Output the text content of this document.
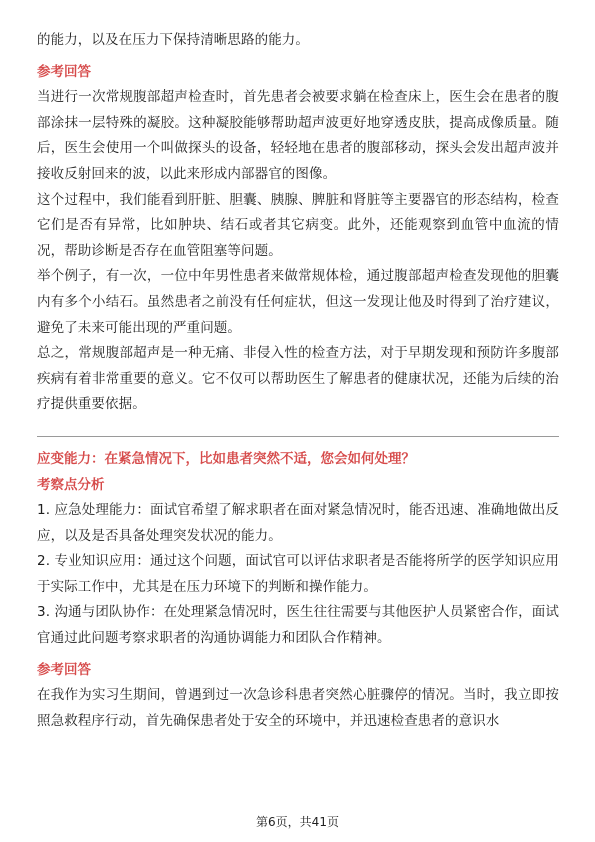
的能力，以及在压力下保持清晰思路的能力。

参考回答

当进行一次常规腹部超声检查时，首先患者会被要求躺在检查床上，医生会在患者的腹部涂抹一层特殊的凝胶。这种凝胶能够帮助超声波更好地穿透皮肤，提高成像质量。随后，医生会使用一个叫做探头的设备，轻轻地在患者的腹部移动，探头会发出超声波并接收反射回来的波，以此来形成内部器官的图像。

这个过程中，我们能看到肝脏、胆囊、胰腺、脾脏和肾脏等主要器官的形态结构，检查它们是否有异常，比如肿块、结石或者其它病变。此外，还能观察到血管中血流的情况，帮助诊断是否存在血管阻塞等问题。

举个例子，有一次，一位中年男性患者来做常规体检，通过腹部超声检查发现他的胆囊内有多个小结石。虽然患者之前没有任何症状，但这一发现让他及时得到了治疗建议，避免了未来可能出现的严重问题。

总之，常规腹部超声是一种无痛、非侵入性的检查方法，对于早期发现和预防许多腹部疾病有着非常重要的意义。它不仅可以帮助医生了解患者的健康状况，还能为后续的治疗提供重要依据。

应变能力：在紧急情况下，比如患者突然不适，您会如何处理？

考察点分析

1. 应急处理能力：面试官希望了解求职者在面对紧急情况时，能否迅速、准确地做出反应，以及是否具备处理突发状况的能力。

2. 专业知识应用：通过这个问题，面试官可以评估求职者是否能将所学的医学知识应用于实际工作中，尤其是在压力环境下的判断和操作能力。

3. 沟通与团队协作：在处理紧急情况时，医生往往需要与其他医护人员紧密合作，面试官通过此问题考察求职者的沟通协调能力和团队合作精神。

参考回答

在我作为实习生期间，曾遇到过一次急诊科患者突然心脏骤停的情况。当时，我立即按照急救程序行动，首先确保患者处于安全的环境中，并迅速检查患者的意识水

第6页，共41页
